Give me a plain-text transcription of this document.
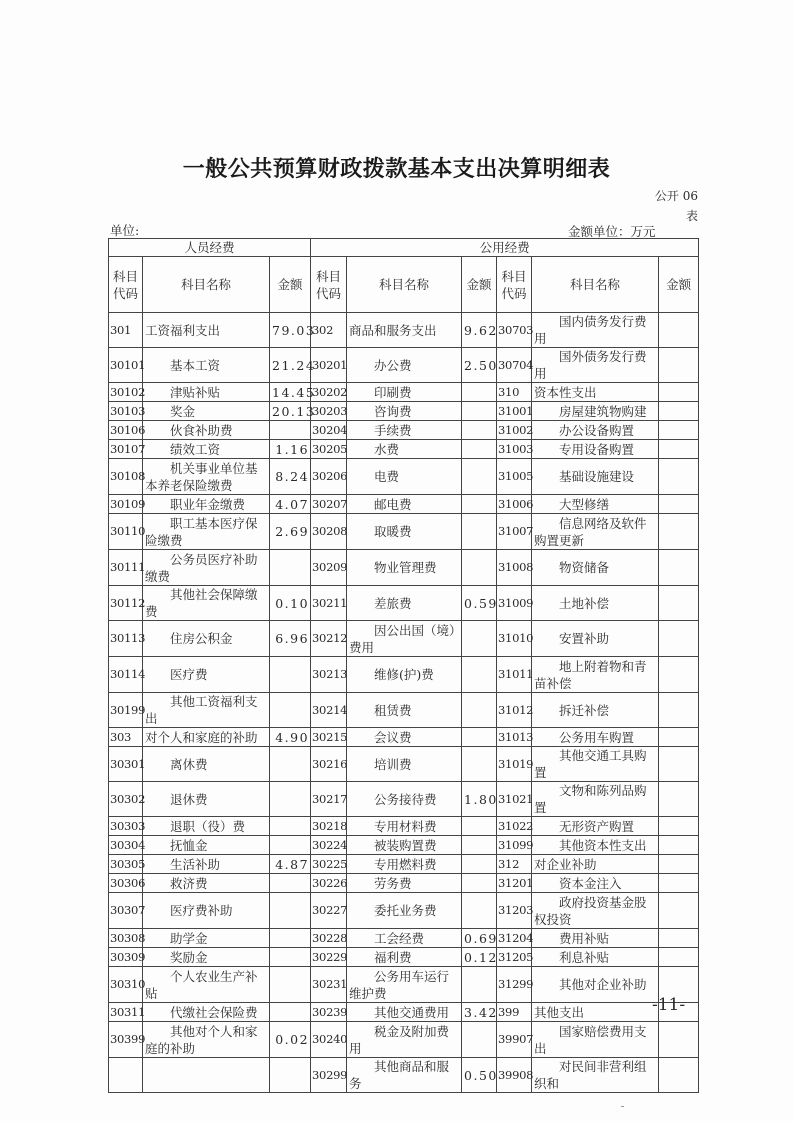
一般公共预算财政拨款基本支出决算明细表
公开 06 表
单位:	金额单位：万元
人员经费			公用经费					
科目代码	科目名称	金额	科目代码	科目名称	金额	科目代码	科目名称	金额
301	工资福利支出	79.03	302	商品和服务支出	9.62	30703	国内债务发行费用	
30101	基本工资	21.24	30201	办公费	2.50	30704	国外债务发行费用	
30102	津贴补贴	14.45	30202	印刷费		310	资本性支出	
30103	奖金	20.13	30203	咨询费		31001	房屋建筑物购建	
30106	伙食补助费		30204	手续费		31002	办公设备购置	
30107	绩效工资	1.16	30205	水费		31003	专用设备购置	
30108	机关事业单位基本养老保险缴费	8.24	30206	电费		31005	基础设施建设	
30109	职业年金缴费	4.07	30207	邮电费		31006	大型修缮	
30110	职工基本医疗保险缴费	2.69	30208	取暖费		31007	信息网络及软件购置更新	
30111	公务员医疗补助缴费		30209	物业管理费		31008	物资储备	
30112	其他社会保障缴费	0.10	30211	差旅费	0.59	31009	土地补偿	
30113	住房公积金	6.96	30212	因公出国（境）费用		31010	安置补助	
30114	医疗费		30213	维修(护)费		31011	地上附着物和青苗补偿	
30199	其他工资福利支出		30214	租赁费		31012	拆迁补偿	
303	对个人和家庭的补助	4.90	30215	会议费		31013	公务用车购置	
30301	离休费		30216	培训费		31019	其他交通工具购置	
30302	退休费		30217	公务接待费	1.80	31021	文物和陈列品购置	
30303	退职（役）费		30218	专用材料费		31022	无形资产购置	
30304	抚恤金		30224	被装购置费		31099	其他资本性支出	
30305	生活补助	4.87	30225	专用燃料费		312	对企业补助	
30306	救济费		30226	劳务费		31201	资本金注入	
30307	医疗费补助		30227	委托业务费		31203	政府投资基金股权投资	
30308	助学金		30228	工会经费	0.69	31204	费用补贴	
30309	奖励金		30229	福利费	0.12	31205	利息补贴	
30310	个人农业生产补贴		30231	公务用车运行维护费		31299	其他对企业补助	
30311	代缴社会保险费		30239	其他交通费用	3.42	399	其他支出	
30399	其他对个人和家庭的补助	0.02	30240	税金及附加费用		39907	国家赔偿费用支出	
			30299	其他商品和服务	0.50	39908	对民间非营利组织和	
-11-
